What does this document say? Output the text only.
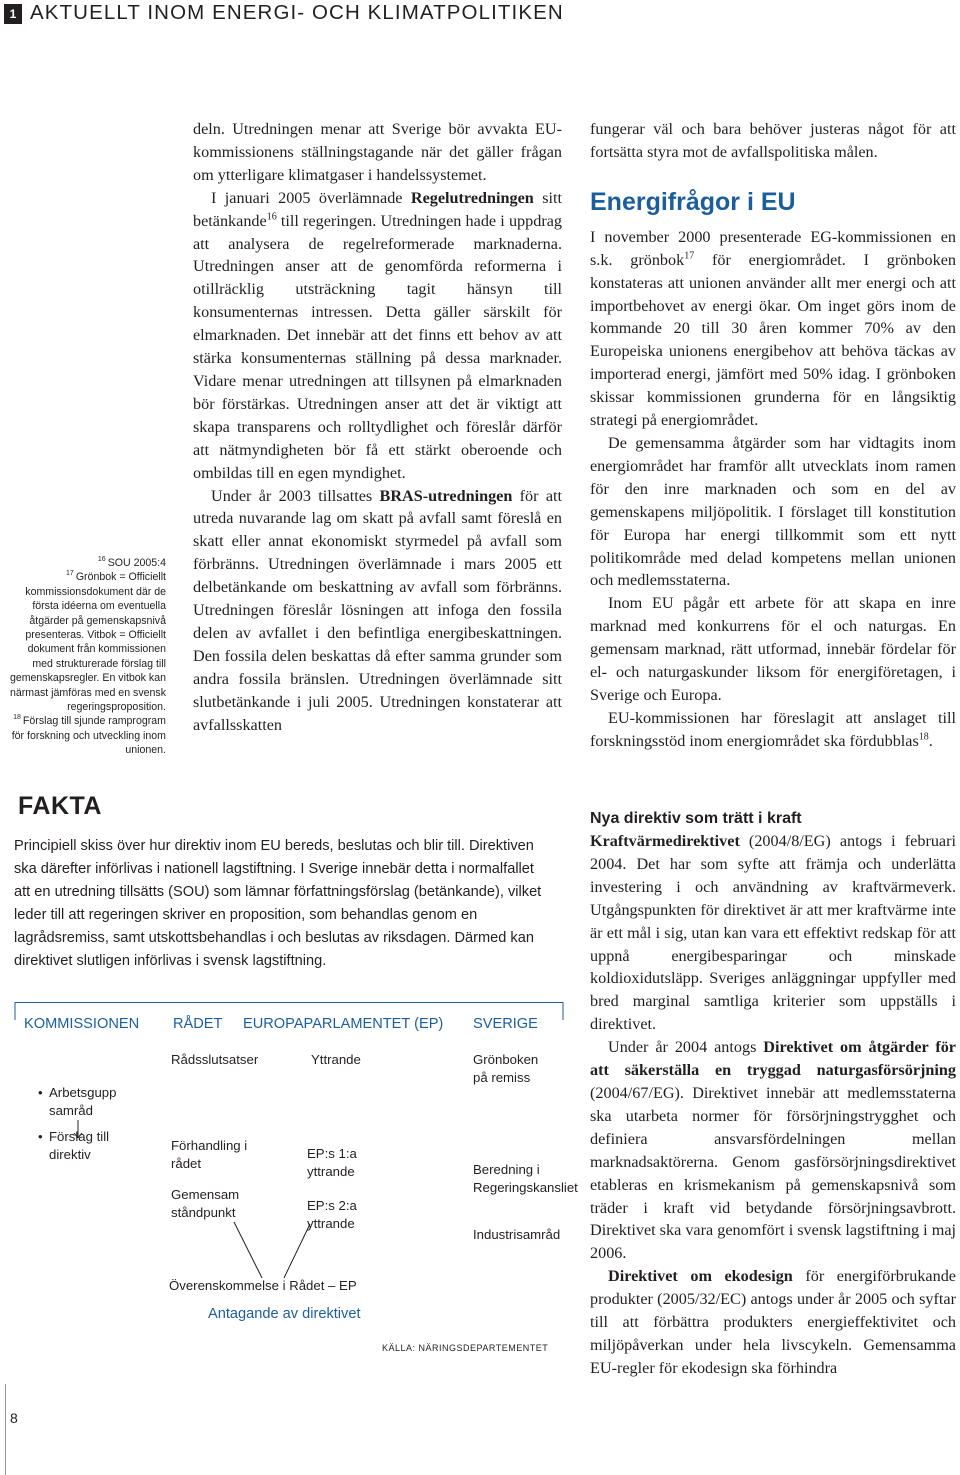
1 AKTUELLT INOM ENERGI- OCH KLIMATPOLITIKEN

$^{16}$ SOU 2005:4

$^{17}$ Grönbok = Officiellt kommissionsdokument där de första idéerna om eventuella åtgärder på gemenskapsnivå presenteras. Vitbok = Officiellt dokument från kommissionen med strukturerade förslag till gemenskapsregler. En vitbok kan närmast jämföras med en svensk regeringsproposition.

$^{18}$ Förslag till sjunde ramprogram för forskning och utveckling inom unionen.

deln. Utredningen menar att Sverige bör avvakta EU-kommissionens ställningstagande när det gäller frågan om ytterligare klimatgaser i handelssystemet.

I januari 2005 överlämnade Regelutredningen sitt betänkande$^{16}$ till regeringen. Utredningen hade i uppdrag att analysera de regelreformerade marknaderna. Utredningen anser att de genomförda reformerna i otillräcklig utsträckning tagit hänsyn till konsumenternas intressen. Detta gäller särskilt för elmarknaden. Det innebär att det finns ett behov av att stärka konsumenternas ställning på dessa marknader. Vidare menar utredningen att tillsynen på elmarknaden bör förstärkas. Utredningen anser att det är viktigt att skapa transparens och rolltydlighet och föreslår därför att nätmyndigheten bör få ett stärkt oberoende och ombildas till en egen myndighet.

Under år 2003 tillsattes BRAS-utredningen för att utreda nuvarande lag om skatt på avfall samt föreslå en skatt eller annat ekonomiskt styrmedel på avfall som förbränns. Utredningen överlämnade i mars 2005 ett delbetänkande om beskattning av avfall som förbränns. Utredningen föreslår lösningen att infoga den fossila delen av avfallet i den befintliga energibeskattningen. Den fossila delen beskattas då efter samma grunder som andra fossila bränslen. Utredningen överlämnade sitt slutbetänkande i juli 2005. Utredningen konstaterar att avfallsskatten

fungerar väl och bara behöver justeras något för att fortsätta styra mot de avfallspolitiska målen.

Energifrågor i EU

I november 2000 presenterade EG-kommissionen en s.k. grönbok$^{17}$ för energiområdet. I grönboken konstateras att unionen använder allt mer energi och att importbehovet av energi ökar. Om inget görs inom de kommande 20 till 30 åren kommer 70% av den Europeiska unionens energibehov att behöva täckas av importerad energi, jämfört med 50% idag. I grönboken skissar kommissionen grunderna för en långsiktig strategi på energiområdet.

De gemensamma åtgärder som har vidtagits inom energiområdet har framför allt utvecklats inom ramen för den inre marknaden och som en del av gemenskapens miljöpolitik. I förslaget till konstitution för Europa har energi tillkommit som ett nytt politikområde med delad kompetens mellan unionen och medlemsstaterna.

Inom EU pågår ett arbete för att skapa en inre marknad med konkurrens för el och naturgas. En gemensam marknad, rätt utformad, innebär fördelar för el- och naturgaskunder liksom för energiföretagen, i Sverige och Europa.

EU-kommissionen har föreslagit att anslaget till forskningsstöd inom energiområdet ska fördubblas$^{18}$.

Nya direktiv som trätt i kraft

Kraftvärmedirektivet (2004/8/EG) antogs i februari 2004. Det har som syfte att främja och underlätta investering i och användning av kraftvärmeverk. Utgångspunkten för direktivet är att mer kraftvärme inte är ett mål i sig, utan kan vara ett effektivt redskap för att uppnå energibesparingar och minskade koldioxidutsläpp. Sveriges anläggningar uppfyller med bred marginal samtliga kriterier som uppställs i direktivet.

Under år 2004 antogs Direktivet om åtgärder för att säkerställa en tryggad naturgasförsörjning (2004/67/EG). Direktivet innebär att medlemsstaterna ska utarbeta normer för försörjningstrygghet och definiera ansvarsfördelningen mellan marknadsaktörerna. Genom gasförsörjningsdirektivet etableras en krismekanism på gemenskapsnivå som träder i kraft vid betydande försörjningsavbrott. Direktivet ska vara genomfört i svensk lagstiftning i maj 2006.

Direktivet om ekodesign för energiförbrukande produkter (2005/32/EC) antogs under år 2005 och syftar till att förbättra produkters energieffektivitet och miljöpåverkan under hela livscykeln. Gemensamma EU-regler för ekodesign ska förhindra

FAKTA
Principiell skiss över hur direktiv inom EU bereds, beslutas och blir till. Direktiven ska därefter införlivas i nationell lagstiftning. I Sverige innebär detta i normalfallet att en utredning tillsätts (SOU) som lämnar författningsförslag (betänkande), vilket leder till att regeringen skriver en proposition, som behandlas genom en lagrådsremiss, samt utskottsbehandlas i och beslutas av riksdagen. Därmed kan direktivet slutligen införlivas i svensk lagstiftning.
KOMMISSIONEN RÅDET EUROPAPARLAMENTET (EP) SVERIGE
• Arbetsgupp samråd
• Förslag till direktiv
Rådsslutsatser
Förhandling i rådet
Gemensam ståndpunkt
Yttrande
EP:s 1:a yttrande
EP:s 2:a yttrande
Grönboken på remiss
Beredning i Regeringskansliet
Industrisamråd
Överenskommelse i Rådet – EP
Antagande av direktivet
KÄLLA: NÄRINGSDEPARTEMENTET
8
